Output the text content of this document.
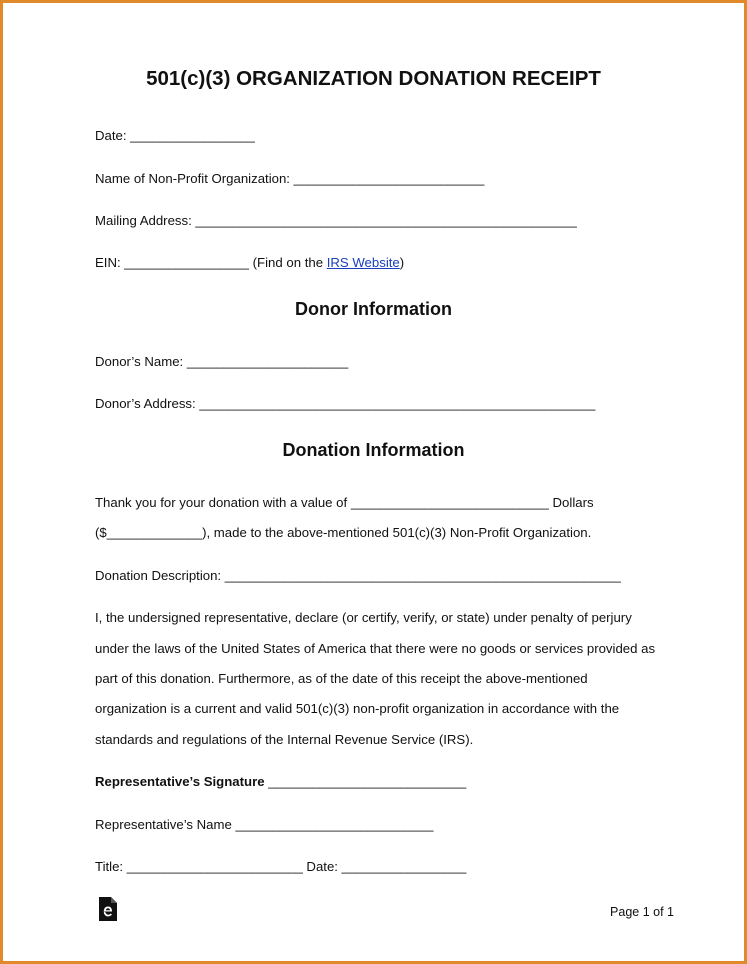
501(c)(3) ORGANIZATION DONATION RECEIPT
Date: _________________
Name of Non-Profit Organization: __________________________
Mailing Address: ____________________________________________________
EIN: _________________ (Find on the IRS Website)
Donor Information
Donor’s Name: ______________________
Donor’s Address: ______________________________________________________
Donation Information
Thank you for your donation with a value of ___________________________ Dollars
($_____________), made to the above-mentioned 501(c)(3) Non-Profit Organization.
Donation Description: ______________________________________________________
I, the undersigned representative, declare (or certify, verify, or state) under penalty of perjury
under the laws of the United States of America that there were no goods or services provided as
part of this donation. Furthermore, as of the date of this receipt the above-mentioned
organization is a current and valid 501(c)(3) non-profit organization in accordance with the
standards and regulations of the Internal Revenue Service (IRS).
Representative’s Signature ___________________________
Representative’s Name ___________________________
Title: ________________________ Date: _________________
Page 1 of 1
